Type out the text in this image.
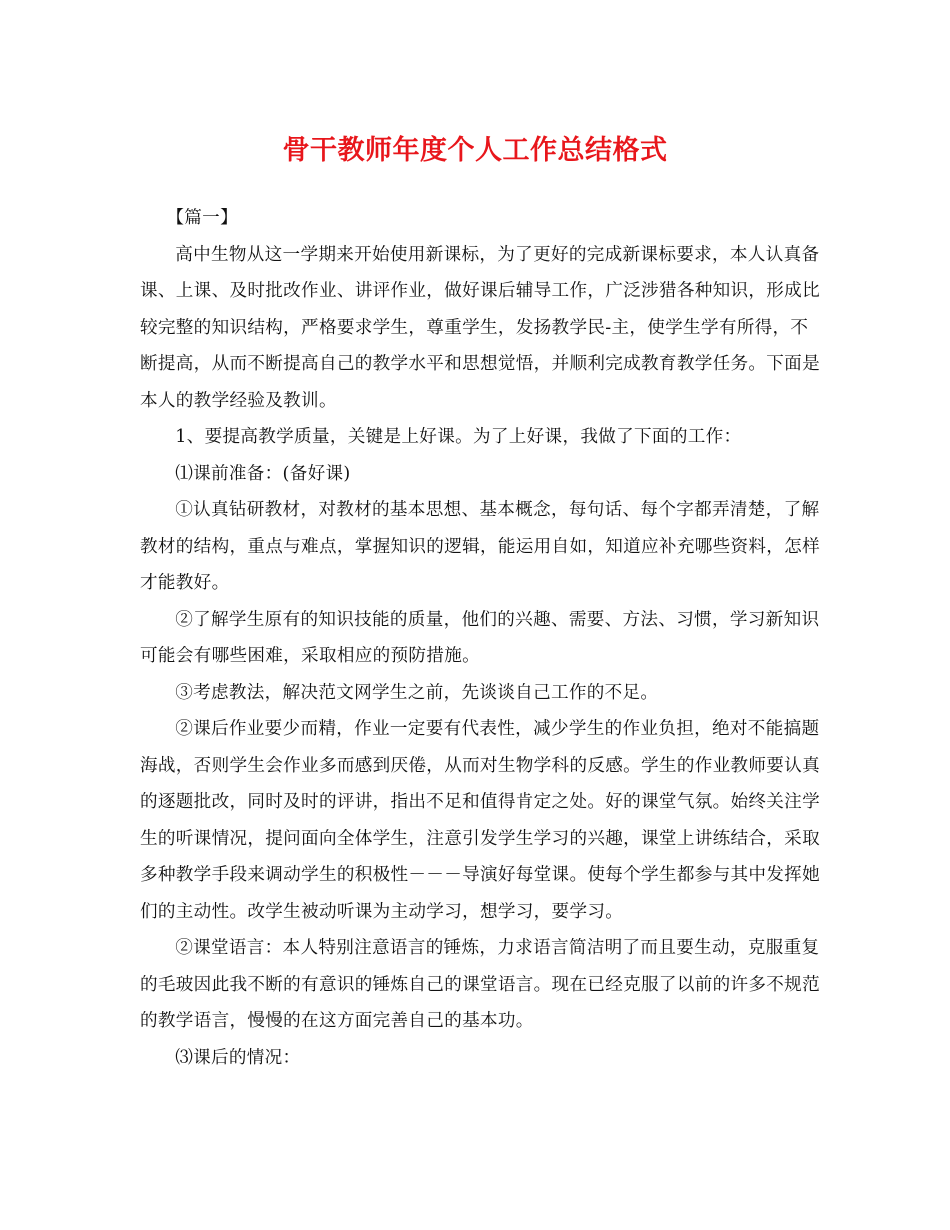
骨干教师年度个人工作总结格式

【篇一】

高中生物从这一学期来开始使用新课标，为了更好的完成新课标要求，本人认真备课、上课、及时批改作业、讲评作业，做好课后辅导工作，广泛涉猎各种知识，形成比较完整的知识结构，严格要求学生，尊重学生，发扬教学民-主，使学生学有所得，不断提高，从而不断提高自己的教学水平和思想觉悟，并顺利完成教育教学任务。下面是本人的教学经验及教训。

1、要提高教学质量，关键是上好课。为了上好课，我做了下面的工作：

⑴课前准备：(备好课)

①认真钻研教材，对教材的基本思想、基本概念，每句话、每个字都弄清楚，了解教材的结构，重点与难点，掌握知识的逻辑，能运用自如，知道应补充哪些资料，怎样才能教好。

②了解学生原有的知识技能的质量，他们的兴趣、需要、方法、习惯，学习新知识可能会有哪些困难，采取相应的预防措施。

③考虑教法，解决范文网学生之前，先谈谈自己工作的不足。

②课后作业要少而精，作业一定要有代表性，减少学生的作业负担，绝对不能搞题海战，否则学生会作业多而感到厌倦，从而对生物学科的反感。学生的作业教师要认真的逐题批改，同时及时的评讲，指出不足和值得肯定之处。好的课堂气氛。始终关注学生的听课情况，提问面向全体学生，注意引发学生学习的兴趣，课堂上讲练结合，采取多种教学手段来调动学生的积极性－－－导演好每堂课。使每个学生都参与其中发挥她们的主动性。改学生被动听课为主动学习，想学习，要学习。

②课堂语言：本人特别注意语言的锤炼，力求语言简洁明了而且要生动，克服重复的毛玻因此我不断的有意识的锤炼自己的课堂语言。现在已经克服了以前的许多不规范的教学语言，慢慢的在这方面完善自己的基本功。

⑶课后的情况：
